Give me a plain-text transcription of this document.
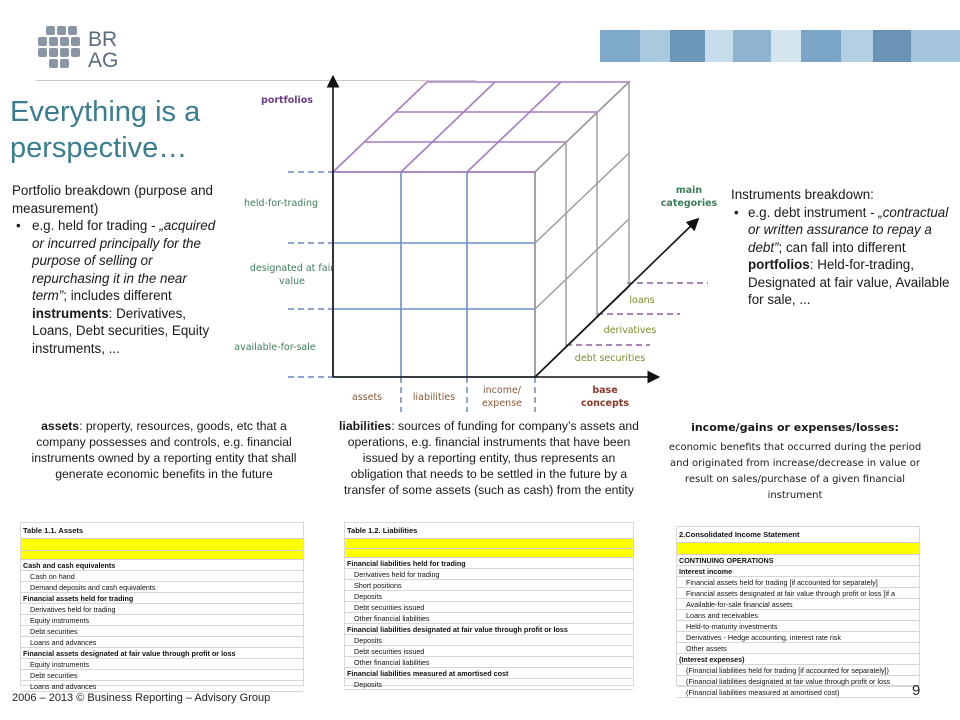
BR
AG
Everything is a perspective…
Portfolio breakdown (purpose and measurement)
• e.g. held for trading - „acquired or incurred principally for the purpose of selling or repurchasing it in the near term”; includes different instruments: Derivatives, Loans, Debt securities, Equity instruments, ...
Instruments breakdown:
• e.g. debt instrument - „contractual or written assurance to repay a debt”; can fall into different portfolios: Held-for-trading, Designated at fair value, Available for sale, ...
portfolios
held-for-trading
designated at fair value
available-for-sale
main categories
loans
derivatives
debt securities
assets	liabilities
income/ expense
base concepts
assets: property, resources, goods, etc that a company possesses and controls, e.g. financial instruments owned by a reporting entity that shall generate economic benefits in the future
liabilities: sources of funding for company’s assets and operations, e.g. financial instruments that have been issued by a reporting entity, thus represents an obligation that needs to be settled in the future by a transfer of some assets (such as cash) from the entity
income/gains or expenses/losses:
economic benefits that occurred during the period and originated from increase/decrease in value or result on sales/purchase of a given financial instrument
Table 1.1. Assets
Cash and cash equivalents
Cash on hand
Demand deposits and cash equivalents
Financial assets held for trading
Derivatives held for trading
Equity instruments
Debt securities
Loans and advances
Financial assets designated at fair value through profit or loss
Equity instruments
Debt securities
Loans and advances
Table 1.2. Liabilities
Financial liabilities held for trading
Derivatives held for trading
Short positions
Deposits
Debt securities issued
Other financial liabilities
Financial liabilities designated at fair value through profit or loss
Deposits
Debt securities issued
Other financial liabilities
Financial liabilities measured at amortised cost
Deposits
2.Consolidated Income Statement
CONTINUING OPERATIONS
Interest income
Financial assets held for trading [if accounted for separately]
Financial assets designated at fair value through profit or loss [if a
Available-for-sale financial assets
Loans and receivables
Held-to-maturity investments
Derivatives - Hedge accounting, interest rate risk
Other assets
(Interest expenses)
(Financial liabilities held for trading [if accounted for separately])
(Financial liabilities designated at fair value through profit or loss
(Financial liabilities measured at amortised cost)
2006 – 2013 © Business Reporting – Advisory Group	9
